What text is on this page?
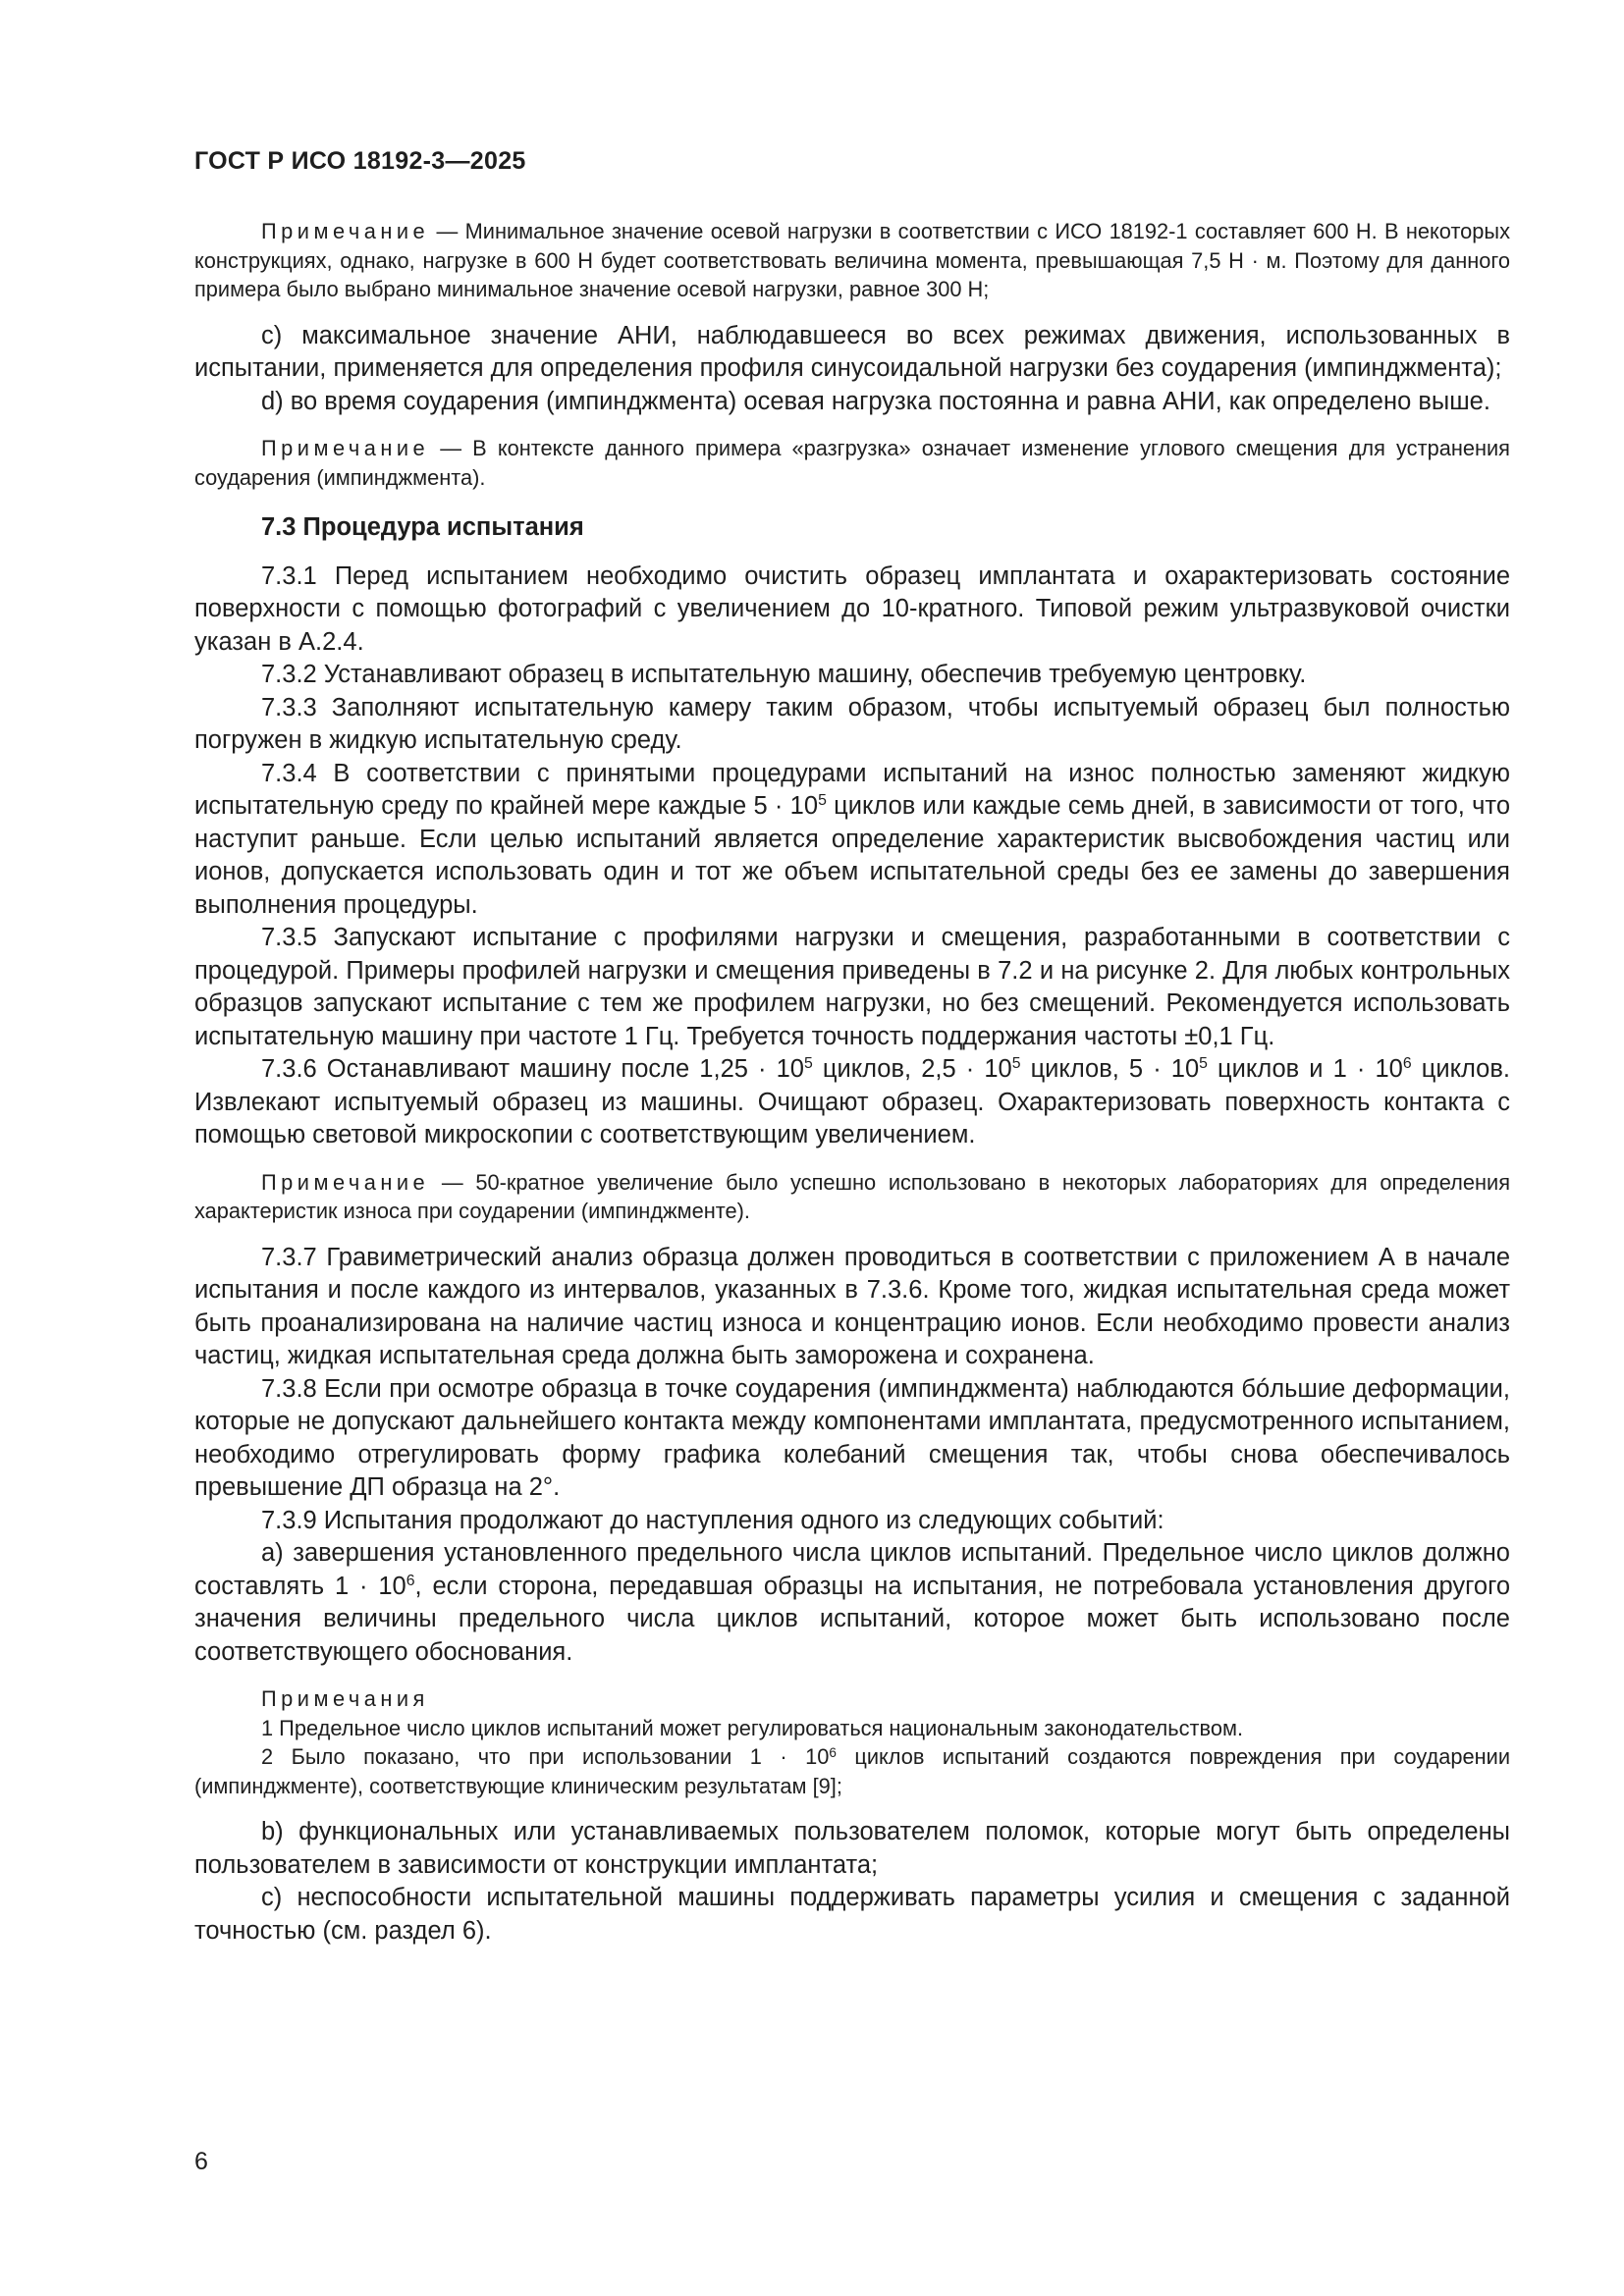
ГОСТ Р ИСО 18192-3—2025

Примечание — Минимальное значение осевой нагрузки в соответствии с ИСО 18192-1 составляет 600 Н. В некоторых конструкциях, однако, нагрузке в 600 Н будет соответствовать величина момента, превышающая 7,5 Н · м. Поэтому для данного примера было выбрано минимальное значение осевой нагрузки, равное 300 Н;

c) максимальное значение АНИ, наблюдавшееся во всех режимах движения, использованных в испытании, применяется для определения профиля синусоидальной нагрузки без соударения (импинджмента);

d) во время соударения (импинджмента) осевая нагрузка постоянна и равна АНИ, как определено выше.

Примечание — В контексте данного примера «разгрузка» означает изменение углового смещения для устранения соударения (импинджмента).

7.3 Процедура испытания

7.3.1 Перед испытанием необходимо очистить образец имплантата и охарактеризовать состояние поверхности с помощью фотографий с увеличением до 10-кратного. Типовой режим ультразвуковой очистки указан в А.2.4.

7.3.2 Устанавливают образец в испытательную машину, обеспечив требуемую центровку.

7.3.3 Заполняют испытательную камеру таким образом, чтобы испытуемый образец был полностью погружен в жидкую испытательную среду.

7.3.4 В соответствии с принятыми процедурами испытаний на износ полностью заменяют жидкую испытательную среду по крайней мере каждые $5 \cdot 10^5$ циклов или каждые семь дней, в зависимости от того, что наступит раньше. Если целью испытаний является определение характеристик высвобождения частиц или ионов, допускается использовать один и тот же объем испытательной среды без ее замены до завершения выполнения процедуры.

7.3.5 Запускают испытание с профилями нагрузки и смещения, разработанными в соответствии с процедурой. Примеры профилей нагрузки и смещения приведены в 7.2 и на рисунке 2. Для любых контрольных образцов запускают испытание с тем же профилем нагрузки, но без смещений. Рекомендуется использовать испытательную машину при частоте 1 Гц. Требуется точность поддержания частоты ±0,1 Гц.

7.3.6 Останавливают машину после $1,25 \cdot 10^5$ циклов, $2,5 \cdot 10^5$ циклов, $5 \cdot 10^5$ циклов и $1 \cdot 10^6$ циклов. Извлекают испытуемый образец из машины. Очищают образец. Охарактеризовать поверхность контакта с помощью световой микроскопии с соответствующим увеличением.

Примечание — 50-кратное увеличение было успешно использовано в некоторых лабораториях для определения характеристик износа при соударении (импинджменте).

7.3.7 Гравиметрический анализ образца должен проводиться в соответствии с приложением А в начале испытания и после каждого из интервалов, указанных в 7.3.6. Кроме того, жидкая испытательная среда может быть проанализирована на наличие частиц износа и концентрацию ионов. Если необходимо провести анализ частиц, жидкая испытательная среда должна быть заморожена и сохранена.

7.3.8 Если при осмотре образца в точке соударения (импинджмента) наблюдаются бóльшие деформации, которые не допускают дальнейшего контакта между компонентами имплантата, предусмотренного испытанием, необходимо отрегулировать форму графика колебаний смещения так, чтобы снова обеспечивалось превышение ДП образца на 2°.

7.3.9 Испытания продолжают до наступления одного из следующих событий:

а) завершения установленного предельного числа циклов испытаний. Предельное число циклов должно составлять $1 \cdot 10^6$, если сторона, передавшая образцы на испытания, не потребовала установления другого значения величины предельного числа циклов испытаний, которое может быть использовано после соответствующего обоснования.

Примечания

1 Предельное число циклов испытаний может регулироваться национальным законодательством.

2 Было показано, что при использовании $1 \cdot 10^6$ циклов испытаний создаются повреждения при соударении (импинджменте), соответствующие клиническим результатам [9];

b) функциональных или устанавливаемых пользователем поломок, которые могут быть определены пользователем в зависимости от конструкции имплантата;

c) неспособности испытательной машины поддерживать параметры усилия и смещения с заданной точностью (см. раздел 6).

6
